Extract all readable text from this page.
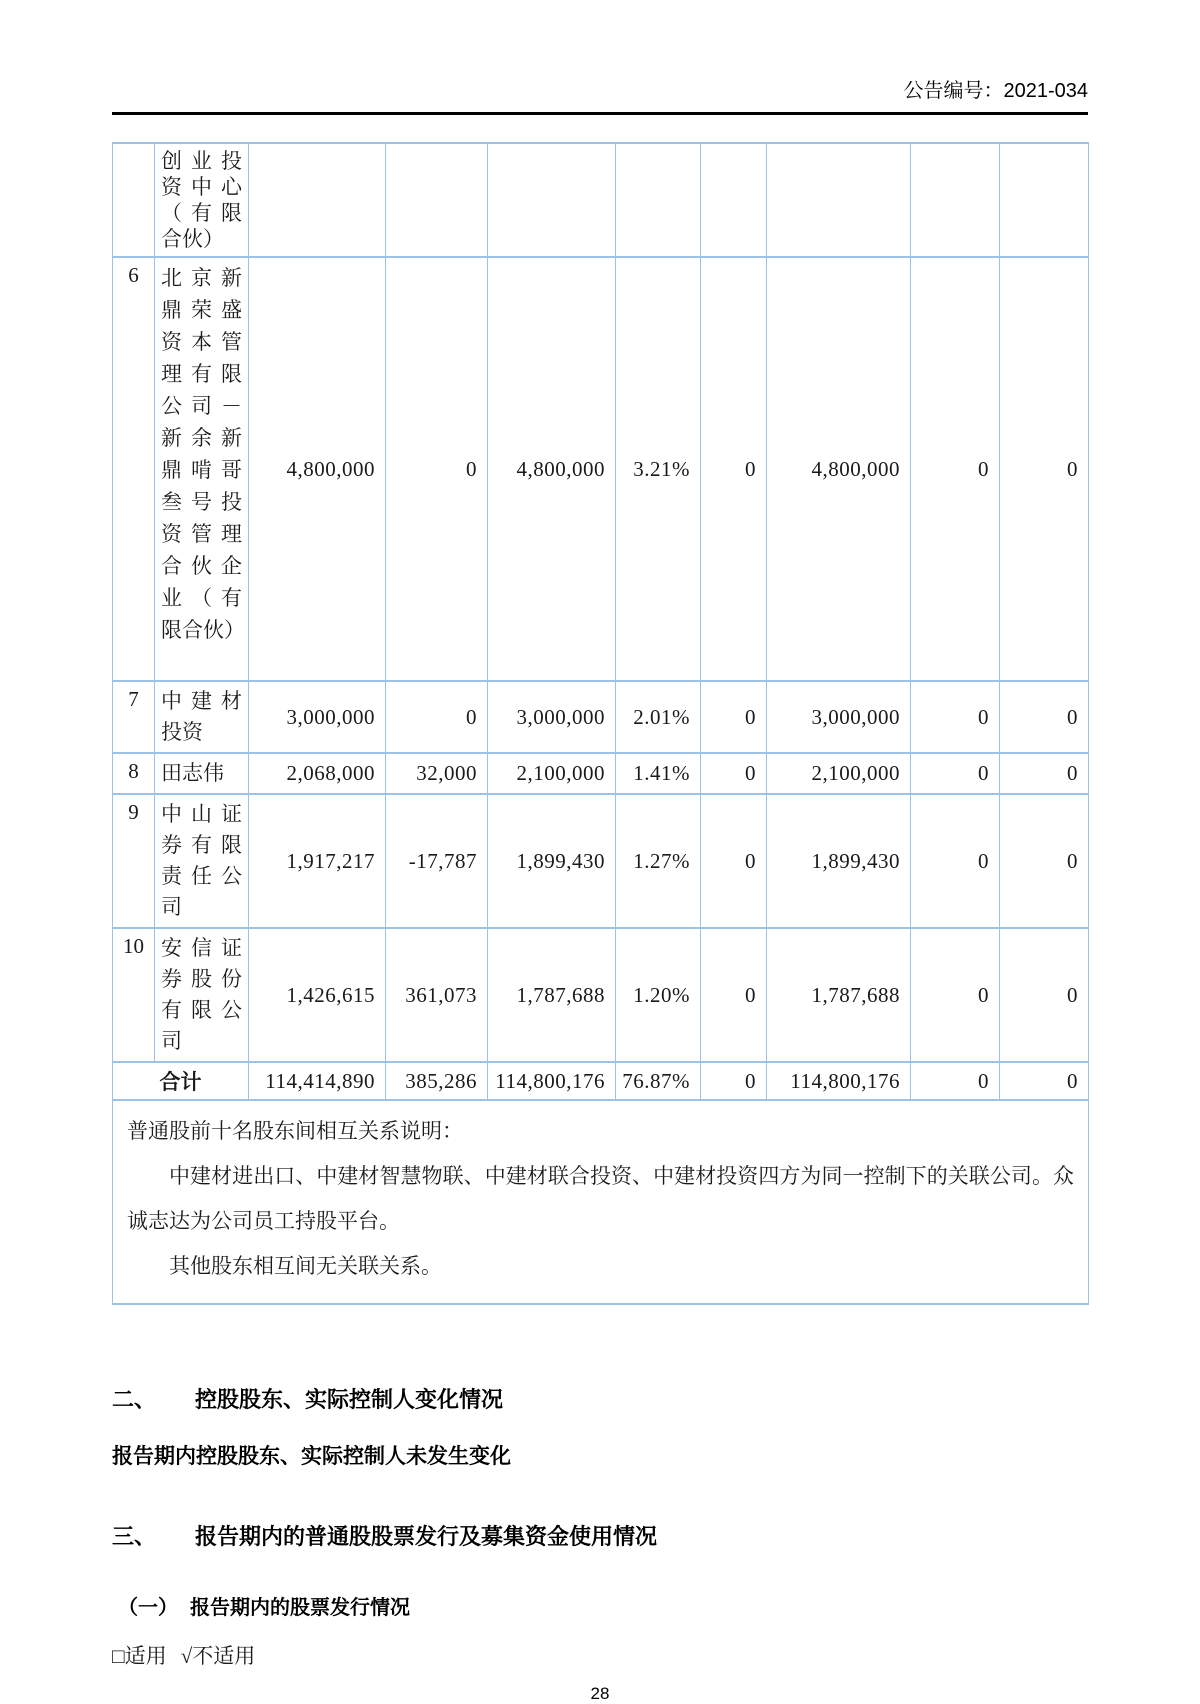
公告编号：2021-034
	创业投资中心（有限合伙）								
6	北京新鼎荣盛资本管理有限公司－新余新鼎啃哥叁号投资管理合伙企业（有限合伙）	4,800,000	0	4,800,000	3.21%	0	4,800,000	0	0
7	中建材投资	3,000,000	0	3,000,000	2.01%	0	3,000,000	0	0
8	田志伟	2,068,000	32,000	2,100,000	1.41%	0	2,100,000	0	0
9	中山证券有限责任公司	1,917,217	-17,787	1,899,430	1.27%	0	1,899,430	0	0
10	安信证券股份有限公司	1,426,615	361,073	1,787,688	1.20%	0	1,787,688	0	0
合计		114,414,890	385,286	114,800,176	76.87%	0	114,800,176	0	0

普通股前十名股东间相互关系说明：

中建材进出口、中建材智慧物联、中建材联合投资、中建材投资四方为同一控制下的关联公司。众诚志达为公司员工持股平台。

其他股东相互间无关联关系。									

二、 控股股东、实际控制人变化情况
报告期内控股股东、实际控制人未发生变化
三、 报告期内的普通股股票发行及募集资金使用情况
（一） 报告期内的股票发行情况
□适用 √不适用
28
